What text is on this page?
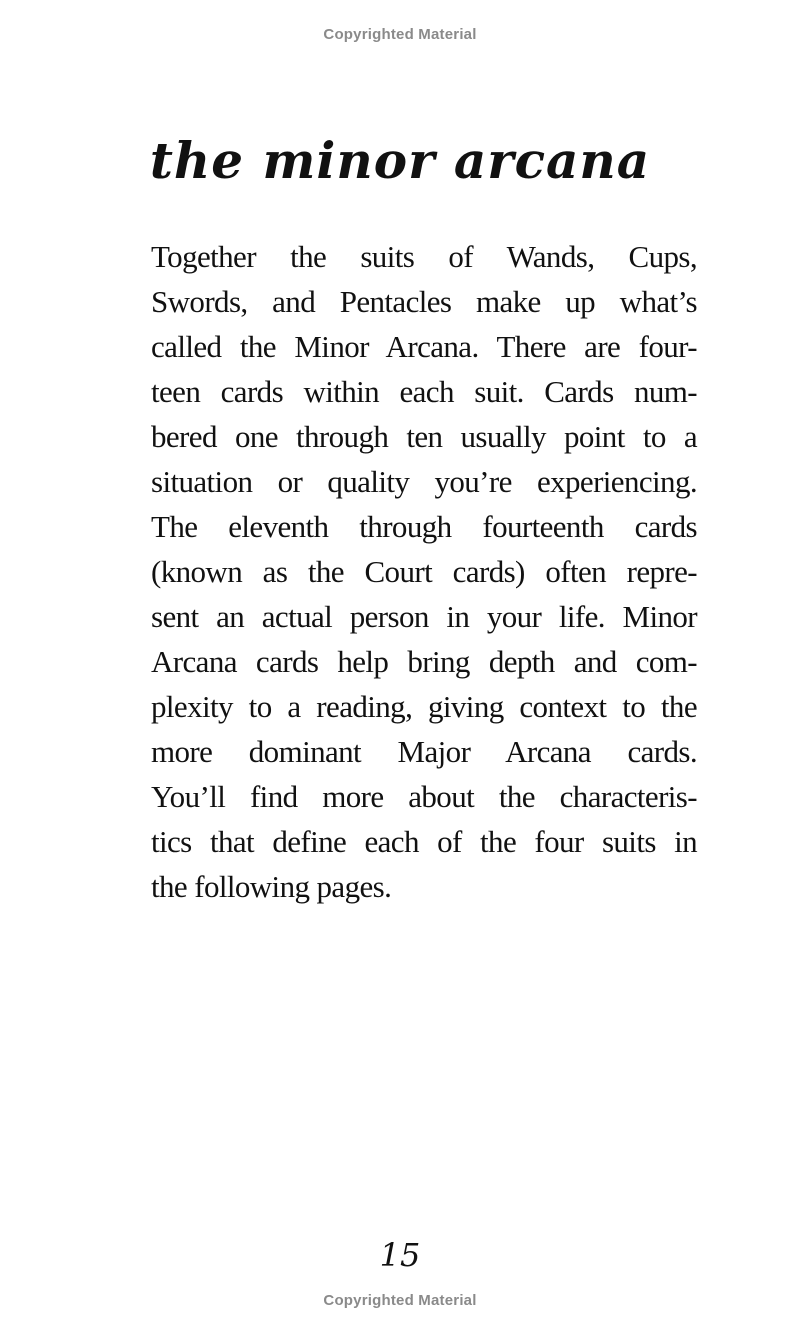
Copyrighted Material
the minor arcana
Together the suits of Wands, Cups,
Swords, and Pentacles make up what’s
called the Minor Arcana. There are four-
teen cards within each suit. Cards num-
bered one through ten usually point to a
situation or quality you’re experiencing.
The eleventh through fourteenth cards
(known as the Court cards) often repre-
sent an actual person in your life. Minor
Arcana cards help bring depth and com-
plexity to a reading, giving context to the
more dominant Major Arcana cards.
You’ll find more about the characteris-
tics that define each of the four suits in
the following pages.
15
Copyrighted Material
